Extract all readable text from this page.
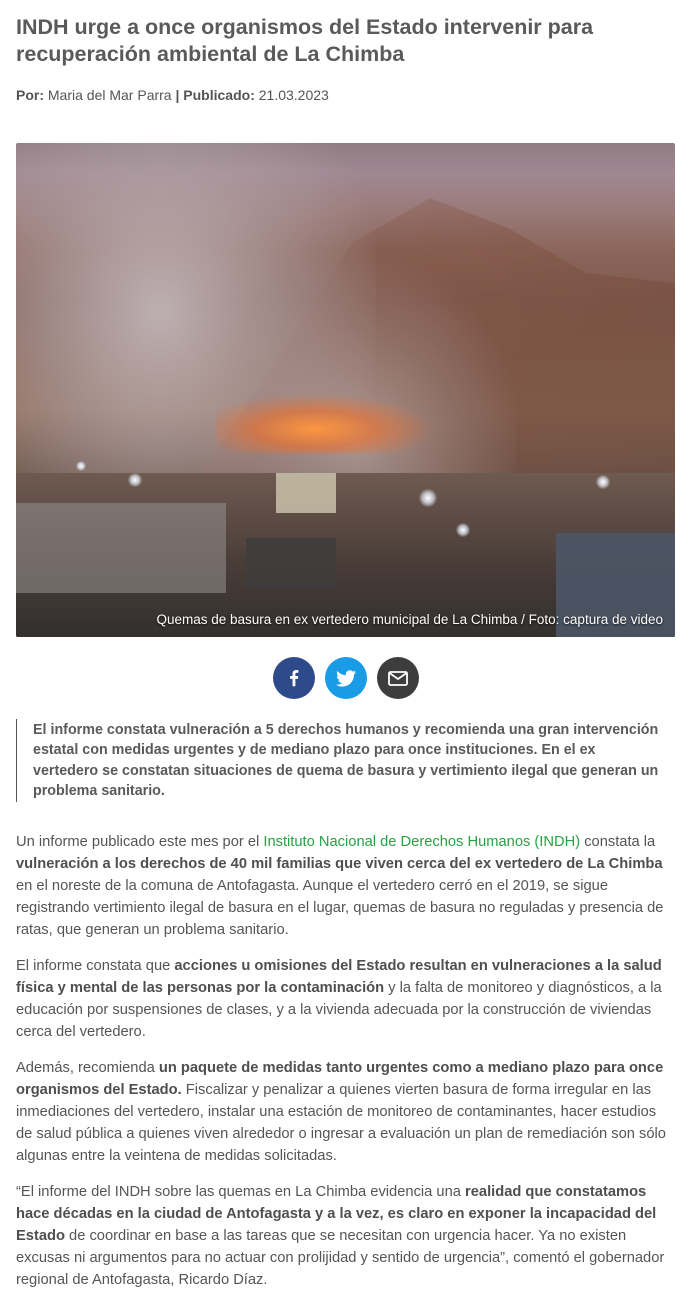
INDH urge a once organismos del Estado intervenir para recuperación ambiental de La Chimba
Por: Maria del Mar Parra | Publicado: 21.03.2023
Quemas de basura en ex vertedero municipal de La Chimba / Foto: captura de video
El informe constata vulneración a 5 derechos humanos y recomienda una gran intervención estatal con medidas urgentes y de mediano plazo para once instituciones. En el ex vertedero se constatan situaciones de quema de basura y vertimiento ilegal que generan un problema sanitario.

Un informe publicado este mes por el Instituto Nacional de Derechos Humanos (INDH) constata la vulneración a los derechos de 40 mil familias que viven cerca del ex vertedero de La Chimba en el noreste de la comuna de Antofagasta. Aunque el vertedero cerró en el 2019, se sigue registrando vertimiento ilegal de basura en el lugar, quemas de basura no reguladas y presencia de ratas, que generan un problema sanitario.

El informe constata que acciones u omisiones del Estado resultan en vulneraciones a la salud física y mental de las personas por la contaminación y la falta de monitoreo y diagnósticos, a la educación por suspensiones de clases, y a la vivienda adecuada por la construcción de viviendas cerca del vertedero.

Además, recomienda un paquete de medidas tanto urgentes como a mediano plazo para once organismos del Estado. Fiscalizar y penalizar a quienes vierten basura de forma irregular en las inmediaciones del vertedero, instalar una estación de monitoreo de contaminantes, hacer estudios de salud pública a quienes viven alrededor o ingresar a evaluación un plan de remediación son sólo algunas entre la veintena de medidas solicitadas.

“El informe del INDH sobre las quemas en La Chimba evidencia una realidad que constatamos hace décadas en la ciudad de Antofagasta y a la vez, es claro en exponer la incapacidad del Estado de coordinar en base a las tareas que se necesitan con urgencia hacer. Ya no existen excusas ni argumentos para no actuar con prolijidad y sentido de urgencia”, comentó el gobernador regional de Antofagasta, Ricardo Díaz.
